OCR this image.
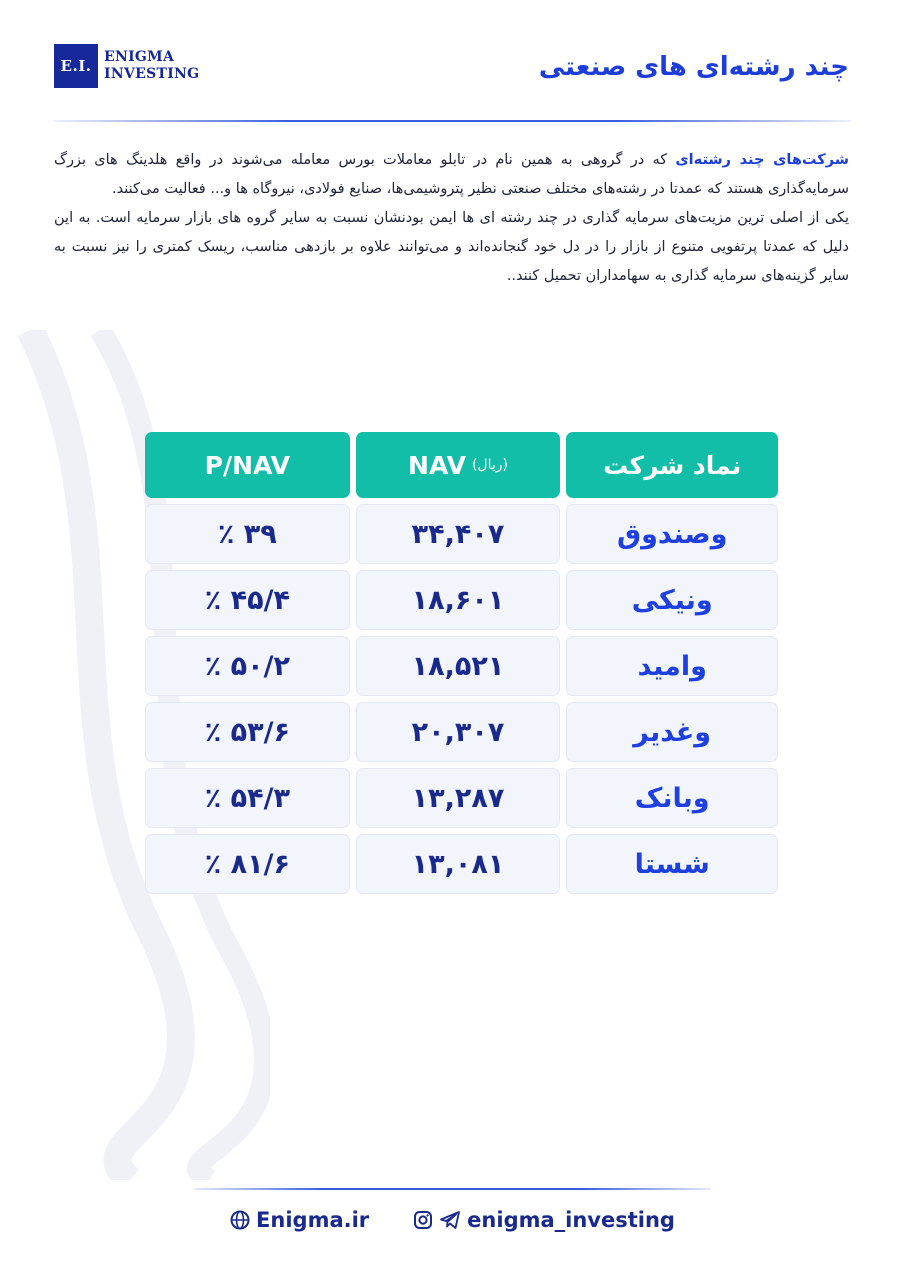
E.I. ENIGMA
INVESTING	چند رشته‌ای های صنعتی

شرکت‌های چند رشته‌ای که در گروهی به همین نام در تابلو معاملات بورس معامله می‌شوند در واقع هلدینگ های بزرگ سرمایه‌گذاری هستند که عمدتا در رشته‌های مختلف صنعتی نظیر پتروشیمی‌ها، صنایع فولادی، نیروگاه ها و... فعالیت می‌کنند.

یکی از اصلی ترین مزیت‌های سرمایه گذاری در چند رشته ای ها ایمن بودنشان نسبت به سایر گروه های بازار سرمایه است. به این دلیل که عمدتا پرتفویی متنوع از بازار را در دل خود گنجانده‌اند و می‌توانند علاوه بر بازدهی مناسب، ریسک کمتری را نیز نسبت به سایر گزینه‌های سرمایه گذاری به سهامداران تحمیل کنند..

نماد شرکت
NAV (ریال)
P/NAV
وصندوق
۳۴,۴۰۷
۳۹ ٪
ونیکی
۱۸,۶۰۱
۴۵/۴ ٪
وامید
۱۸,۵۲۱
۵۰/۲ ٪
وغدیر
۲۰,۳۰۷
۵۳/۶ ٪
وبانک
۱۳,۲۸۷
۵۴/۳ ٪
شستا
۱۳,۰۸۱
۸۱/۶ ٪
Enigma.ir	enigma_investing
